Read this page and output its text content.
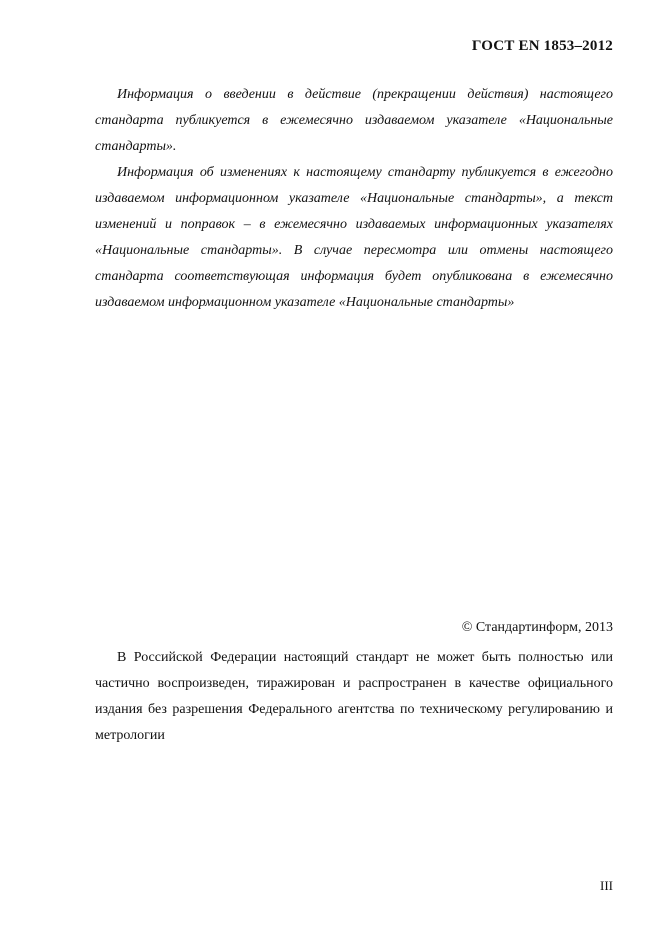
ГОСТ EN 1853–2012

Информация о введении в действие (прекращении действия) настоящего стандарта публикуется в ежемесячно издаваемом указателе «Национальные стандарты».

Информация об изменениях к настоящему стандарту публикуется в ежегодно издаваемом информационном указателе «Национальные стандарты», а текст изменений и поправок – в ежемесячно издаваемых информационных указателях «Национальные стандарты». В случае пересмотра или отмены настоящего стандарта соответствующая информация будет опубликована в ежемесячно издаваемом информационном указателе «Национальные стандарты»

© Стандартинформ, 2013

В Российской Федерации настоящий стандарт не может быть полностью или частично воспроизведен, тиражирован и распространен в качестве официального издания без разрешения Федерального агентства по техническому регулированию и метрологии

III
